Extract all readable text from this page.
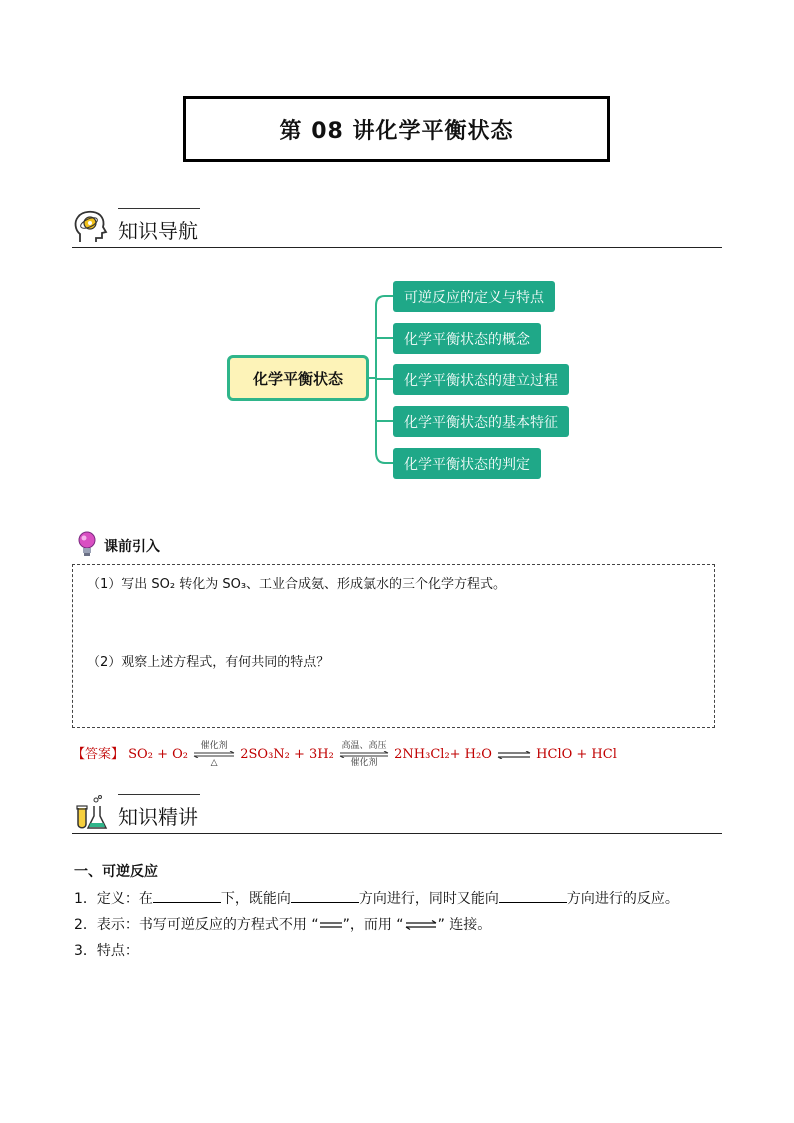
第 08 讲化学平衡状态
知识导航
化学平衡状态
可逆反应的定义与特点
化学平衡状态的概念
化学平衡状态的建立过程
化学平衡状态的基本特征
化学平衡状态的判定
课前引入
（1）写出 SO₂ 转化为 SO₃、工业合成氨、形成氯水的三个化学方程式。
（2）观察上述方程式，有何共同的特点？
【答案】 SO₂ + O₂
催化剂
△
2SO₃N₂ + 3H₂
高温、高压
催化剂
2NH₃Cl₂+ H₂O ⇌ HClO + HCl
知识精讲
一、可逆反应
1．定义：在	下，既能向	方向进行，同时又能向	方向进行的反应。
2．表示：书写可逆反应的方程式不用 “ ”，而用 “⇌” 连接。
3．特点：
